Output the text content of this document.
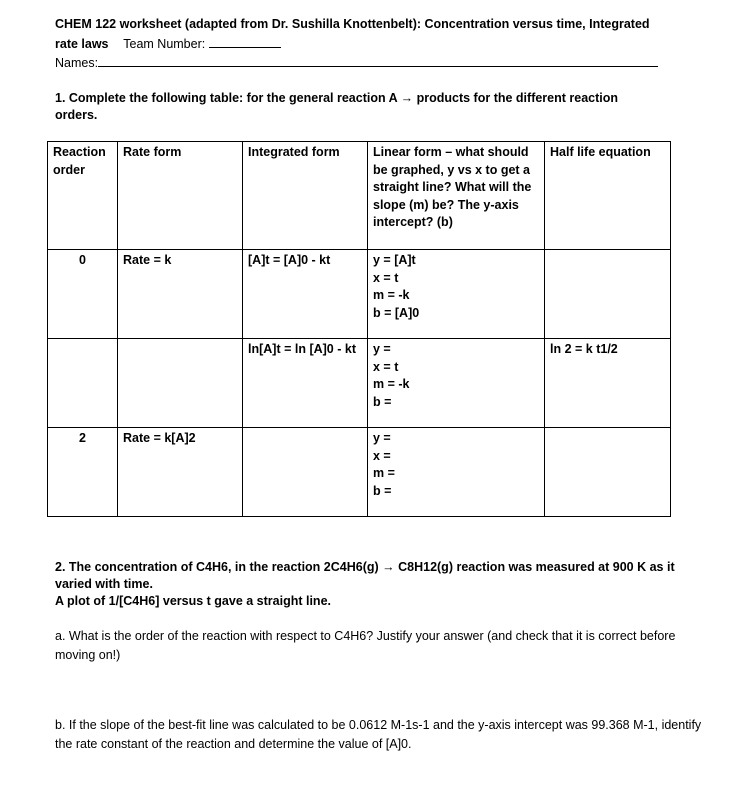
CHEM 122 worksheet (adapted from Dr. Sushilla Knottenbelt): Concentration versus time, Integrated
rate laws Team Number:
Names:
1. Complete the following table: for the general reaction A → products for the different reaction
orders.
Reaction order	Rate form	Integrated form	Linear form – what should be graphed, y vs x to get a straight line? What will the slope (m) be? The y-axis intercept? (b)	Half life equation
0	Rate = k	[A]t = [A]0 - kt	y = [A]t
x = t
m = -k
b = [A]0	

		ln[A]t = ln [A]0 - kt	y =
x = t
m = -k
b =	ln 2 = k t1/2
2	Rate = k[A]2		y =
x =
m =
b =	

2. The concentration of C4H6, in the reaction 2C4H6(g) → C8H12(g) reaction was measured at 900 K as it
varied with time.
A plot of 1/[C4H6] versus t gave a straight line.
a. What is the order of the reaction with respect to C4H6? Justify your answer (and check that it is correct before moving on!)
b. If the slope of the best-fit line was calculated to be 0.0612 M-1s-1 and the y-axis intercept was 99.368 M-1, identify the rate constant of the reaction and determine the value of [A]0.
